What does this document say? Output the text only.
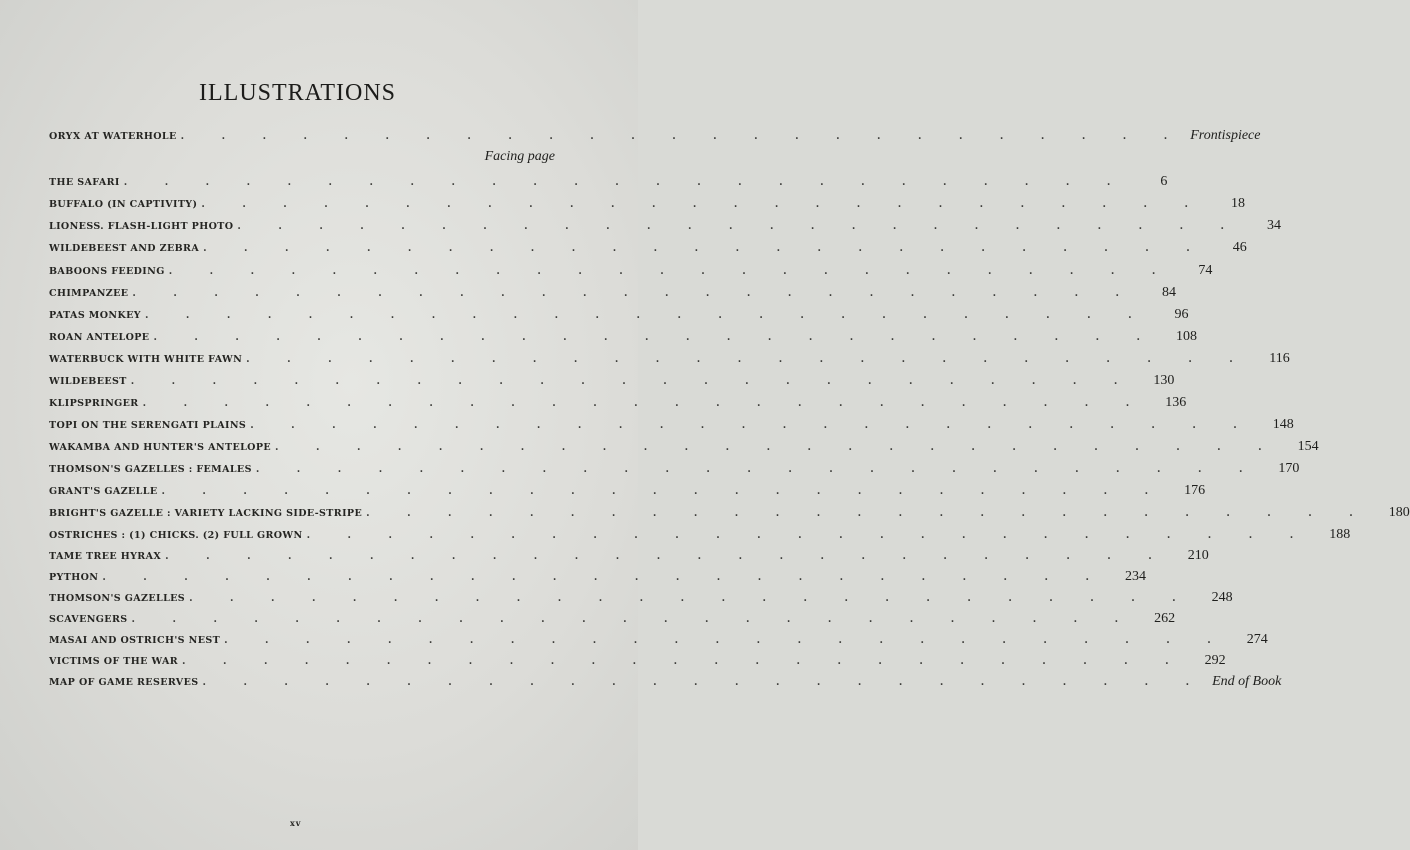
ILLUSTRATIONS
ORYX AT WATERHOLE . . . . . . . . . . . . . . . . . . . . . . . . . Frontispiece
Facing page
THE SAFARI . . . . . . . . . . . . . . . . . . . . . . . . .	6
BUFFALO (IN CAPTIVITY) . . . . . . . . . . . . . . . . . . . . . . . . .	18
LIONESS. FLASH-LIGHT PHOTO . . . . . . . . . . . . . . . . . . . . . . . . .	34
WILDEBEEST AND ZEBRA . . . . . . . . . . . . . . . . . . . . . . . . .	46
BABOONS FEEDING . . . . . . . . . . . . . . . . . . . . . . . . .	74
CHIMPANZEE . . . . . . . . . . . . . . . . . . . . . . . . .	84
PATAS MONKEY . . . . . . . . . . . . . . . . . . . . . . . . .	96
ROAN ANTELOPE . . . . . . . . . . . . . . . . . . . . . . . . .	108
WATERBUCK WITH WHITE FAWN . . . . . . . . . . . . . . . . . . . . . . . . .	116
WILDEBEEST . . . . . . . . . . . . . . . . . . . . . . . . .	130
KLIPSPRINGER . . . . . . . . . . . . . . . . . . . . . . . . .	136
TOPI ON THE SERENGATI PLAINS . . . . . . . . . . . . . . . . . . . . . . . . .	148
WAKAMBA AND HUNTER'S ANTELOPE . . . . . . . . . . . . . . . . . . . . . . . . .	154
THOMSON'S GAZELLES : FEMALES . . . . . . . . . . . . . . . . . . . . . . . . .	170
GRANT'S GAZELLE . . . . . . . . . . . . . . . . . . . . . . . . .	176
BRIGHT'S GAZELLE : VARIETY LACKING SIDE-STRIPE . . . . . . . . . . . . . . . . . . . . . . . . .	180
OSTRICHES : (1) CHICKS. (2) FULL GROWN . . . . . . . . . . . . . . . . . . . . . . . . .	188
TAME TREE HYRAX . . . . . . . . . . . . . . . . . . . . . . . . .	210
PYTHON . . . . . . . . . . . . . . . . . . . . . . . . .	234
THOMSON'S GAZELLES . . . . . . . . . . . . . . . . . . . . . . . . .	248
SCAVENGERS . . . . . . . . . . . . . . . . . . . . . . . . .	262
MASAI AND OSTRICH'S NEST . . . . . . . . . . . . . . . . . . . . . . . . .	274
VICTIMS OF THE WAR . . . . . . . . . . . . . . . . . . . . . . . . .	292
MAP OF GAME RESERVES . . . . . . . . . . . . . . . . . . . . . . . . . End of Book
xv
